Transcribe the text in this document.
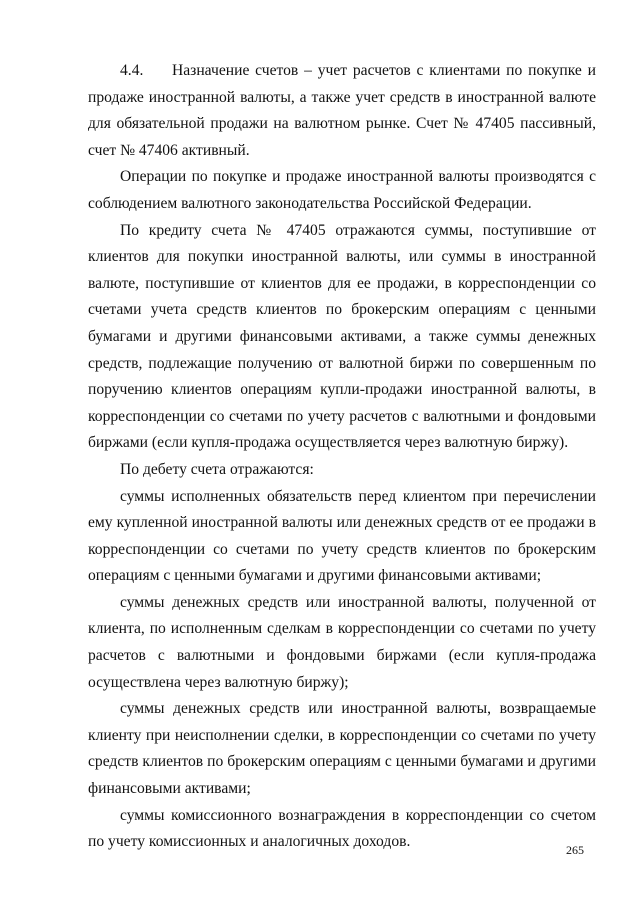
4.4. Назначение счетов – учет расчетов с клиентами по покупке и продаже иностранной валюты, а также учет средств в иностранной валюте для обязательной продажи на валютном рынке. Счет № 47405 пассивный, счет № 47406 активный.

Операции по покупке и продаже иностранной валюты производятся с соблюдением валютного законодательства Российской Федерации.

По кредиту счета № 47405 отражаются суммы, поступившие от клиентов для покупки иностранной валюты, или суммы в иностранной валюте, поступившие от клиентов для ее продажи, в корреспонденции со счетами учета средств клиентов по брокерским операциям с ценными бумагами и другими финансовыми активами, а также суммы денежных средств, подлежащие получению от валютной биржи по совершенным по поручению клиентов операциям купли-продажи иностранной валюты, в корреспонденции со счетами по учету расчетов с валютными и фондовыми биржами (если купля-продажа осуществляется через валютную биржу).

По дебету счета отражаются:

суммы исполненных обязательств перед клиентом при перечислении ему купленной иностранной валюты или денежных средств от ее продажи в корреспонденции со счетами по учету средств клиентов по брокерским операциям с ценными бумагами и другими финансовыми активами;

суммы денежных средств или иностранной валюты, полученной от клиента, по исполненным сделкам в корреспонденции со счетами по учету расчетов с валютными и фондовыми биржами (если купля-продажа осуществлена через валютную биржу);

суммы денежных средств или иностранной валюты, возвращаемые клиенту при неисполнении сделки, в корреспонденции со счетами по учету средств клиентов по брокерским операциям с ценными бумагами и другими финансовыми активами;

суммы комиссионного вознаграждения в корреспонденции со счетом по учету комиссионных и аналогичных доходов.	265
